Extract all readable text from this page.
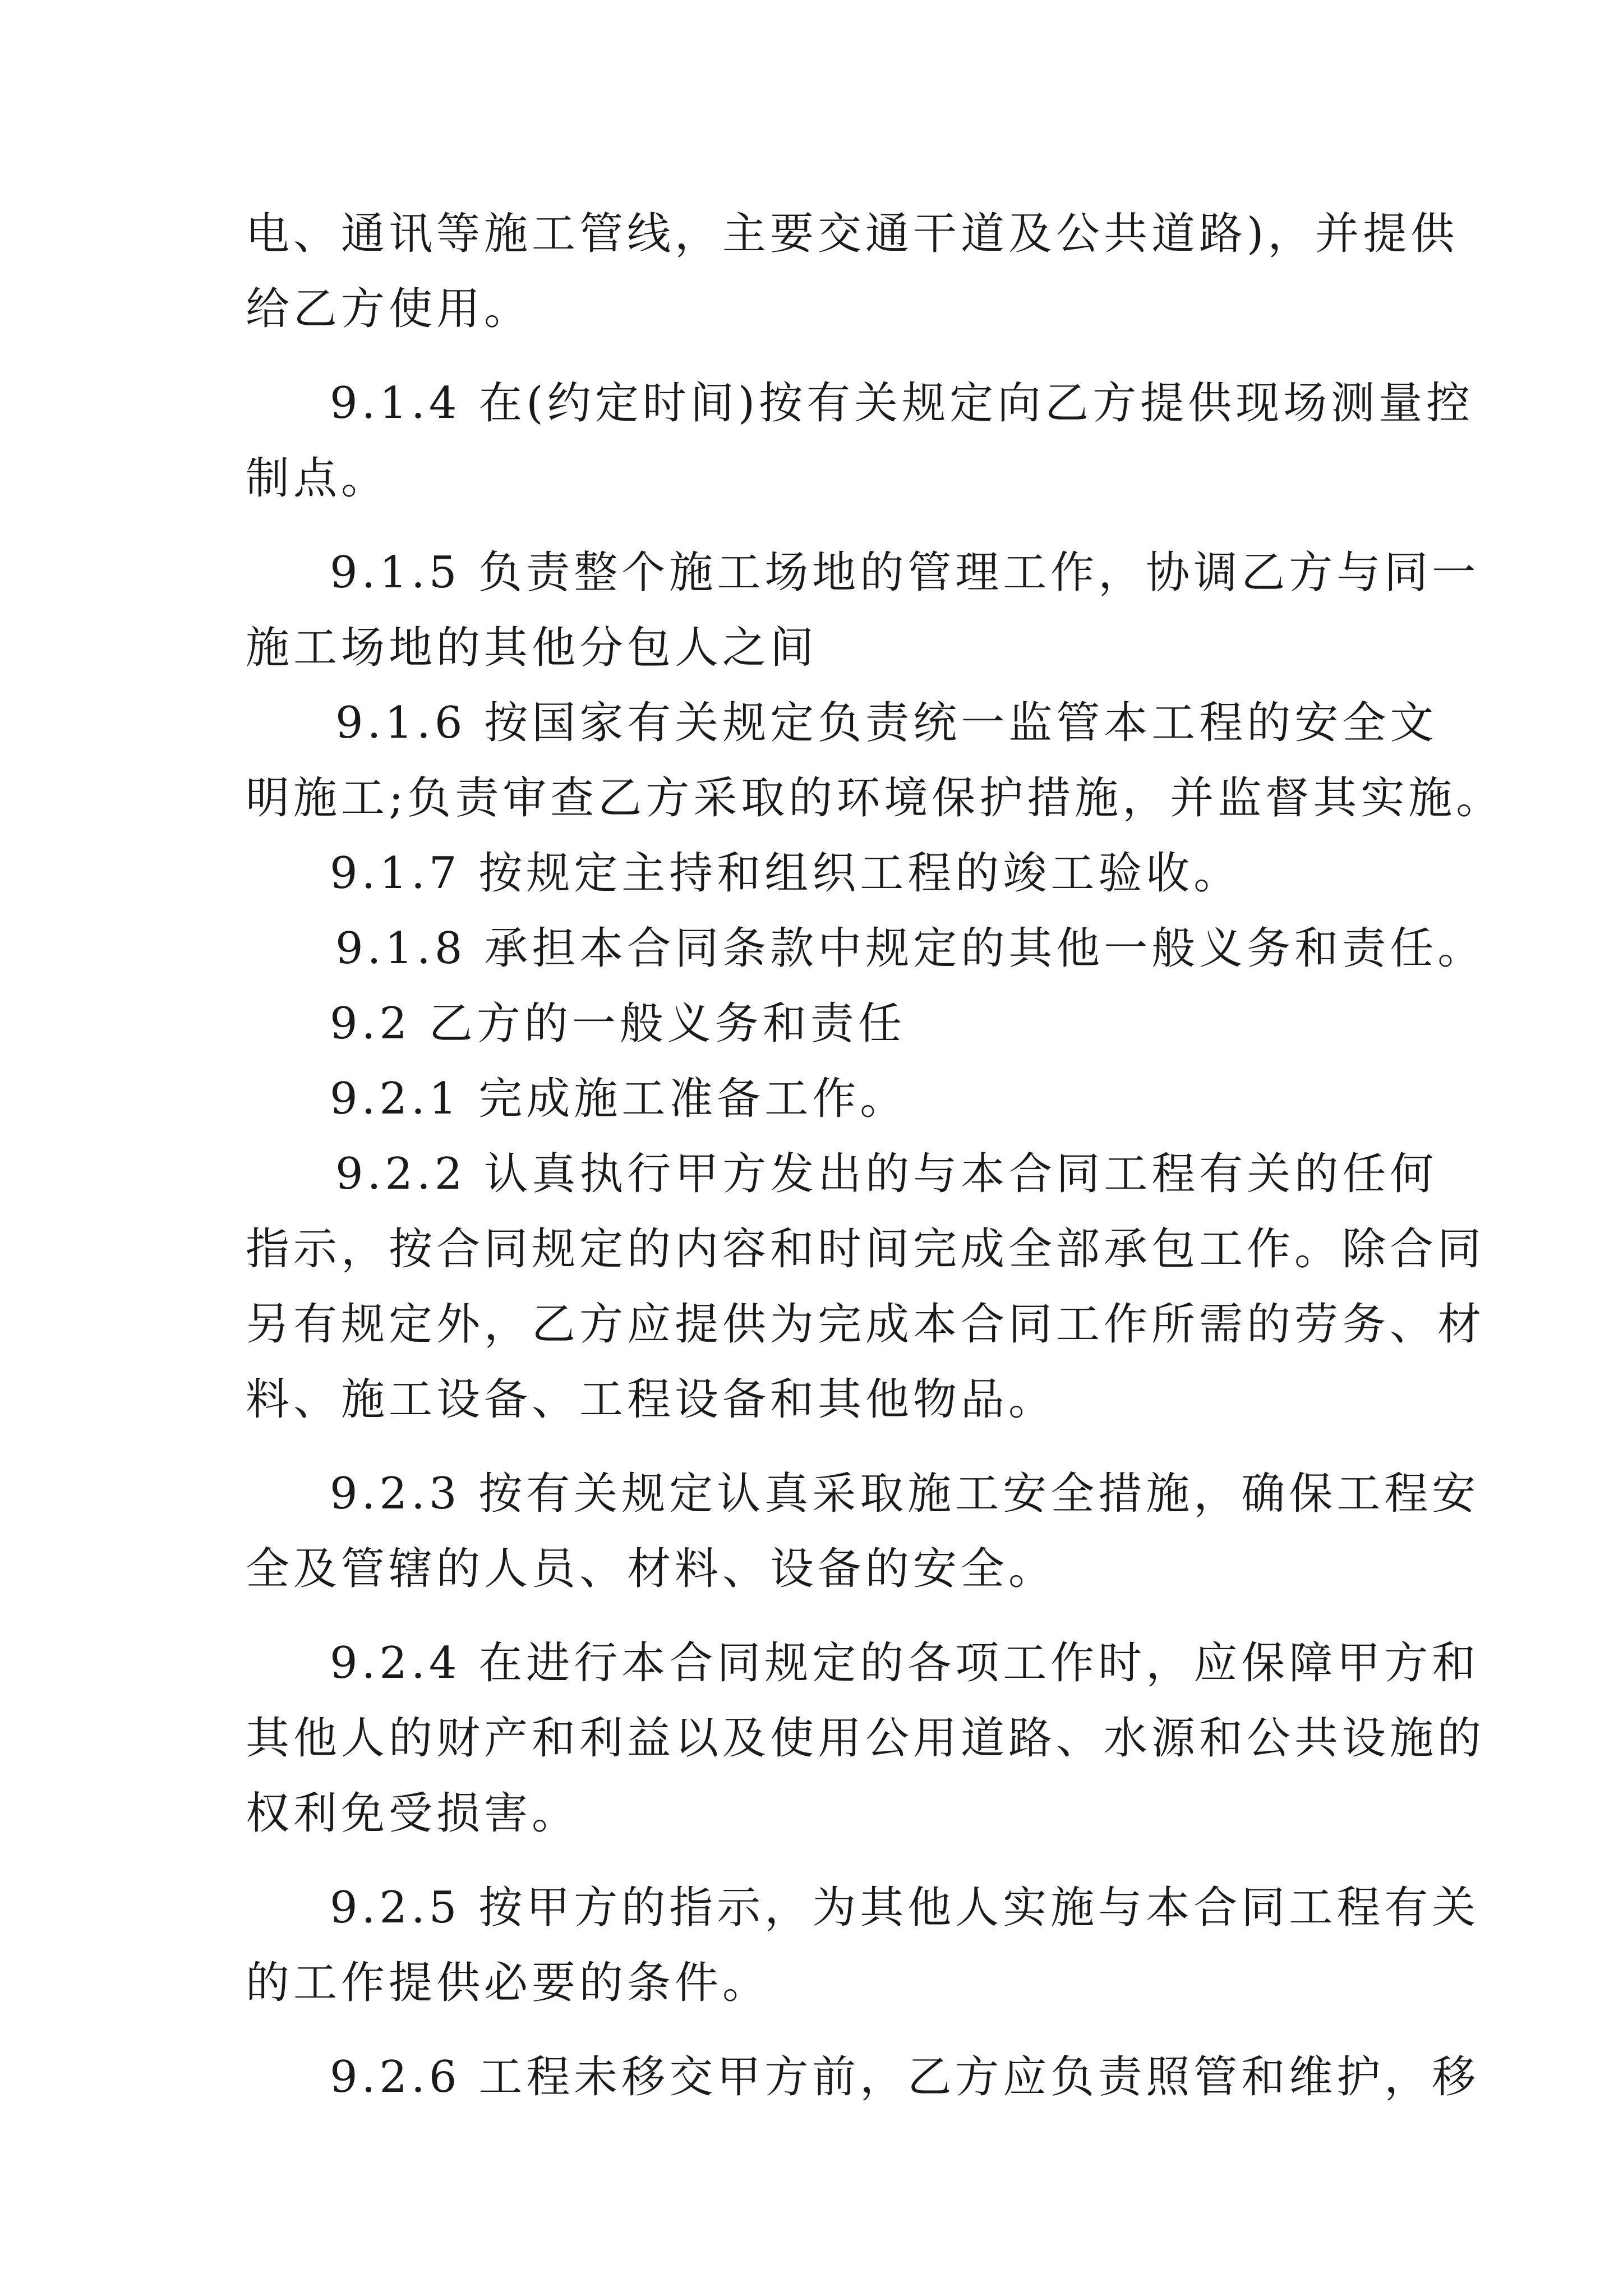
电、通讯等施工管线，主要交通干道及公共道路)，并提供
给乙方使用。
9.1.4 在(约定时间)按有关规定向乙方提供现场测量控
制点。
9.1.5 负责整个施工场地的管理工作，协调乙方与同一
施工场地的其他分包人之间
9.1.6 按国家有关规定负责统一监管本工程的安全文
明施工;负责审查乙方采取的环境保护措施，并监督其实施。
9.1.7 按规定主持和组织工程的竣工验收。
9.1.8 承担本合同条款中规定的其他一般义务和责任。
9.2 乙方的一般义务和责任
9.2.1 完成施工准备工作。
9.2.2 认真执行甲方发出的与本合同工程有关的任何
指示，按合同规定的内容和时间完成全部承包工作。除合同
另有规定外，乙方应提供为完成本合同工作所需的劳务、材
料、施工设备、工程设备和其他物品。
9.2.3 按有关规定认真采取施工安全措施，确保工程安
全及管辖的人员、材料、设备的安全。
9.2.4 在进行本合同规定的各项工作时，应保障甲方和
其他人的财产和利益以及使用公用道路、水源和公共设施的
权利免受损害。
9.2.5 按甲方的指示，为其他人实施与本合同工程有关
的工作提供必要的条件。
9.2.6 工程未移交甲方前，乙方应负责照管和维护，移
